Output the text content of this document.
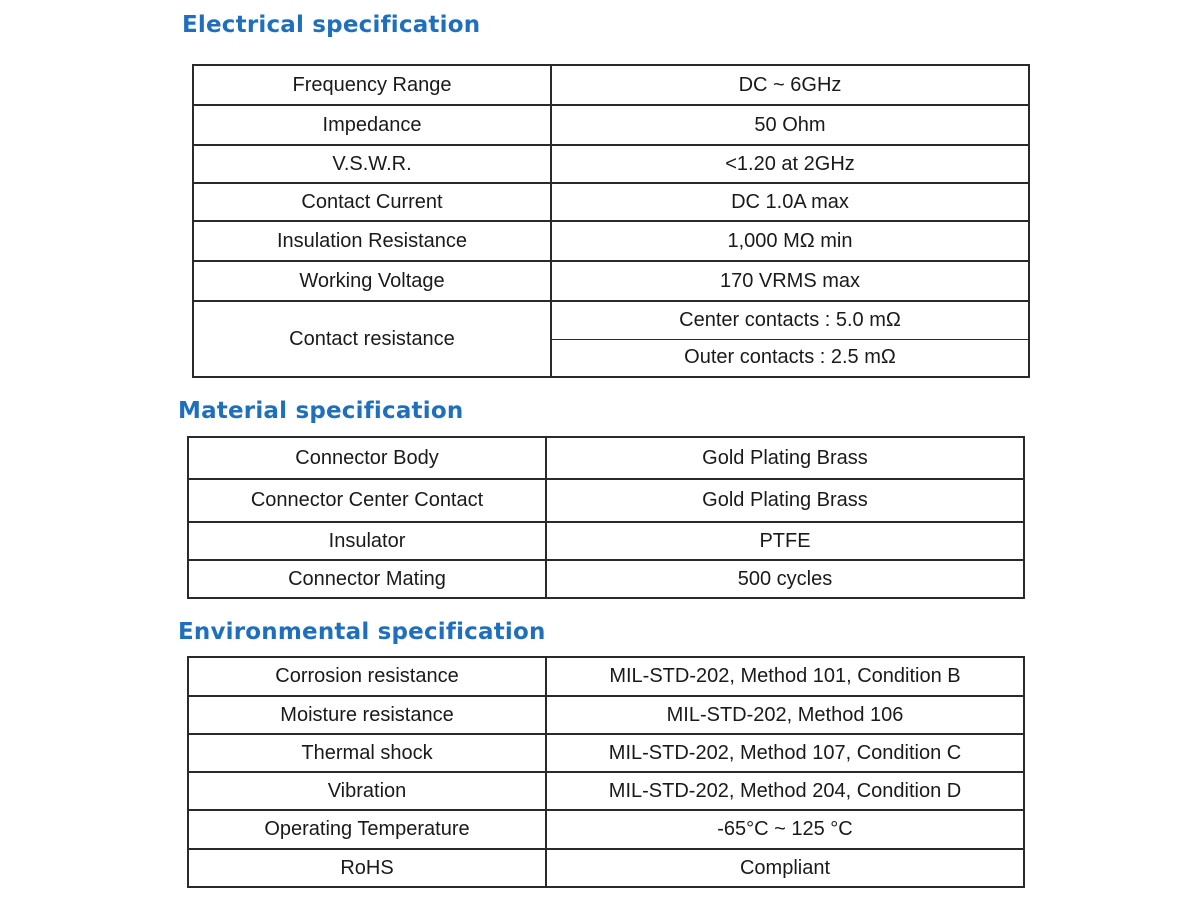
Electrical specification
Frequency Range	DC ~ 6GHz
Impedance	50 Ohm
V.S.W.R.	<1.20 at 2GHz
Contact Current	DC 1.0A max
Insulation Resistance	1,000 MΩ min
Working Voltage	170 VRMS max
Contact resistance	Center contacts : 5.0 mΩ
	Outer contacts : 2.5 mΩ
Material specification
Connector Body	Gold Plating Brass
Connector Center Contact	Gold Plating Brass
Insulator	PTFE
Connector Mating	500 cycles
Environmental specification
Corrosion resistance	MIL-STD-202, Method 101, Condition B
Moisture resistance	MIL-STD-202, Method 106
Thermal shock	MIL-STD-202, Method 107, Condition C
Vibration	MIL-STD-202, Method 204, Condition D
Operating Temperature	-65°C ~ 125 °C
RoHS	Compliant
